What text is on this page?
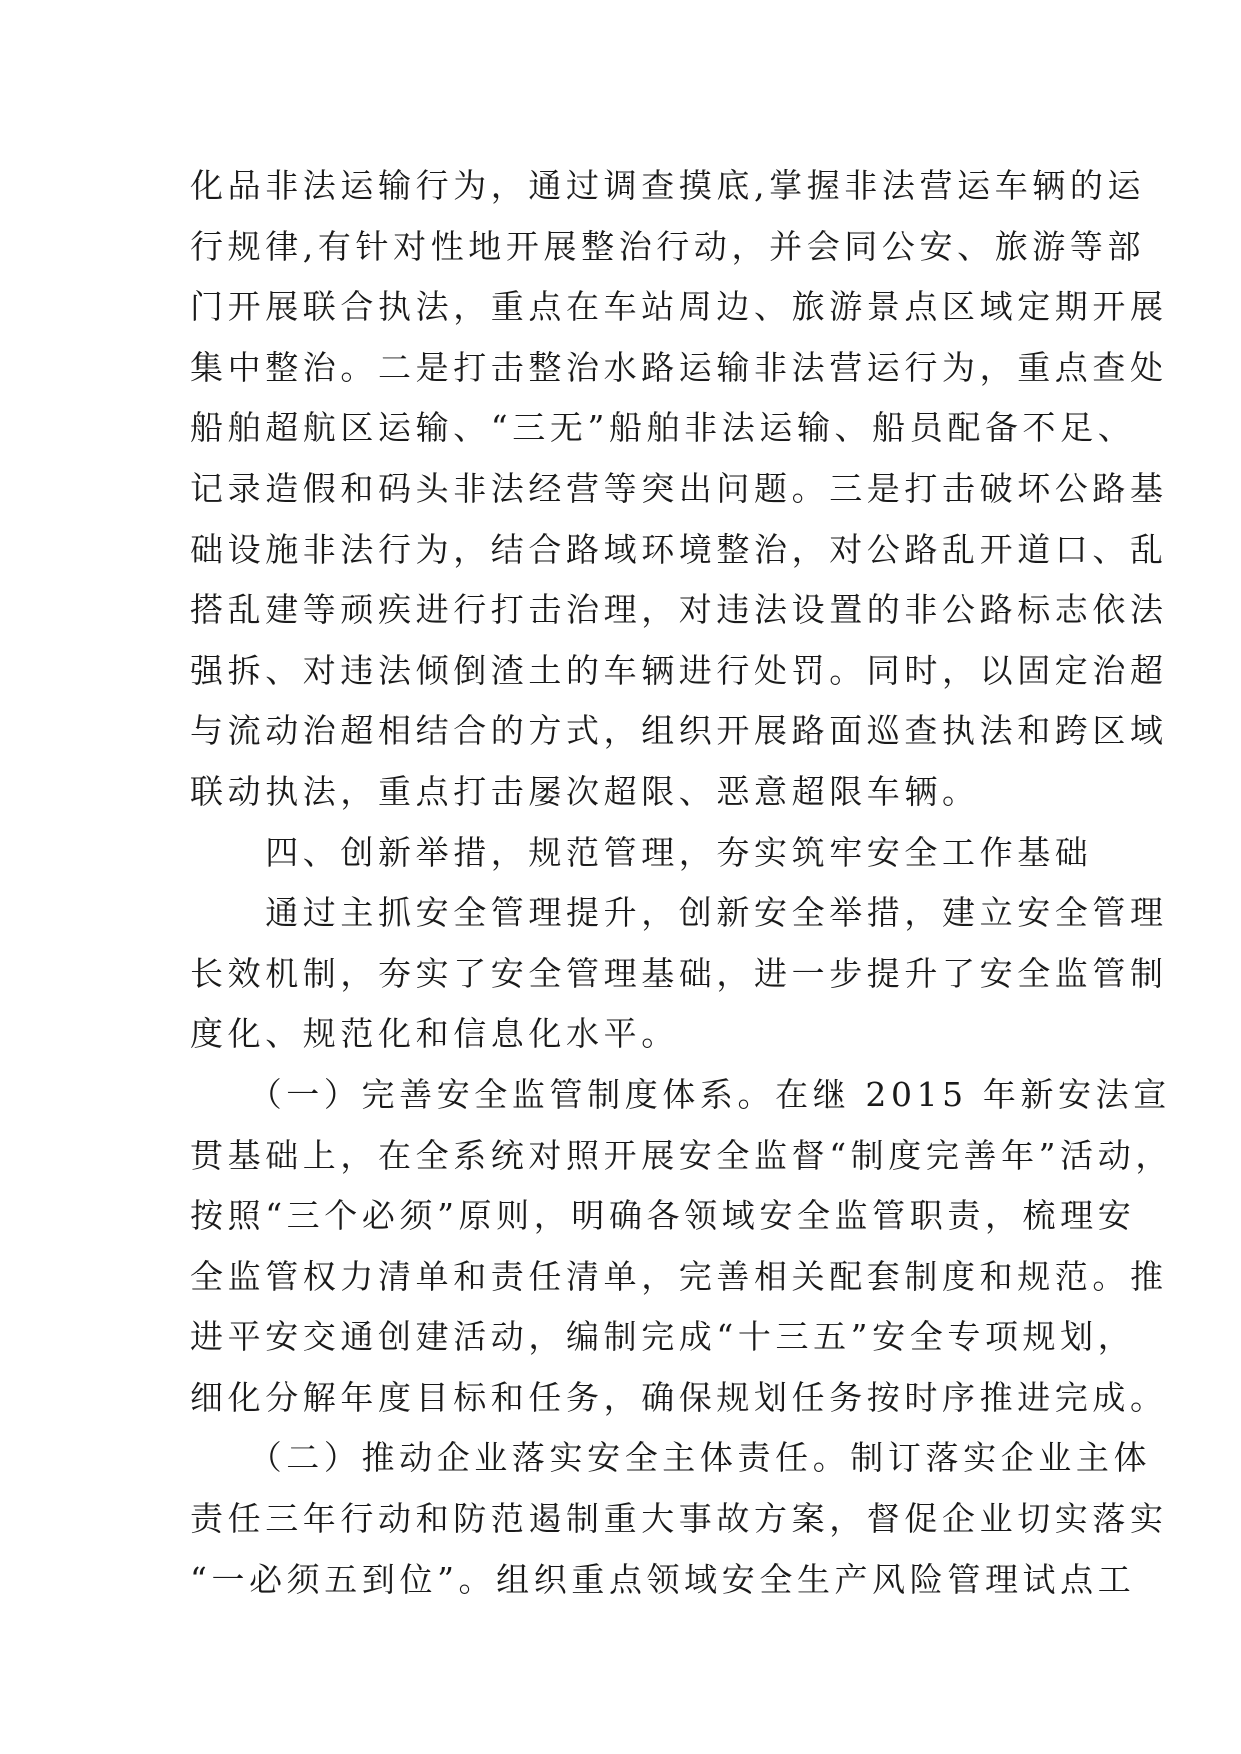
化品非法运输行为，通过调查摸底,掌握非法营运车辆的运
行规律,有针对性地开展整治行动，并会同公安、旅游等部
门开展联合执法，重点在车站周边、旅游景点区域定期开展
集中整治。二是打击整治水路运输非法营运行为，重点查处
船舶超航区运输、“三无”船舶非法运输、船员配备不足、
记录造假和码头非法经营等突出问题。三是打击破坏公路基
础设施非法行为，结合路域环境整治，对公路乱开道口、乱
搭乱建等顽疾进行打击治理，对违法设置的非公路标志依法
强拆、对违法倾倒渣土的车辆进行处罚。同时，以固定治超
与流动治超相结合的方式，组织开展路面巡查执法和跨区域
联动执法，重点打击屡次超限、恶意超限车辆。
　　四、创新举措，规范管理，夯实筑牢安全工作基础
　　通过主抓安全管理提升，创新安全举措，建立安全管理
长效机制，夯实了安全管理基础，进一步提升了安全监管制
度化、规范化和信息化水平。
　　（一）完善安全监管制度体系。在继 2015 年新安法宣
贯基础上，在全系统对照开展安全监督“制度完善年”活动，
按照“三个必须”原则，明确各领域安全监管职责，梳理安
全监管权力清单和责任清单，完善相关配套制度和规范。推
进平安交通创建活动，编制完成“十三五”安全专项规划，
细化分解年度目标和任务，确保规划任务按时序推进完成。
　　（二）推动企业落实安全主体责任。制订落实企业主体
责任三年行动和防范遏制重大事故方案，督促企业切实落实
“一必须五到位”。组织重点领域安全生产风险管理试点工
